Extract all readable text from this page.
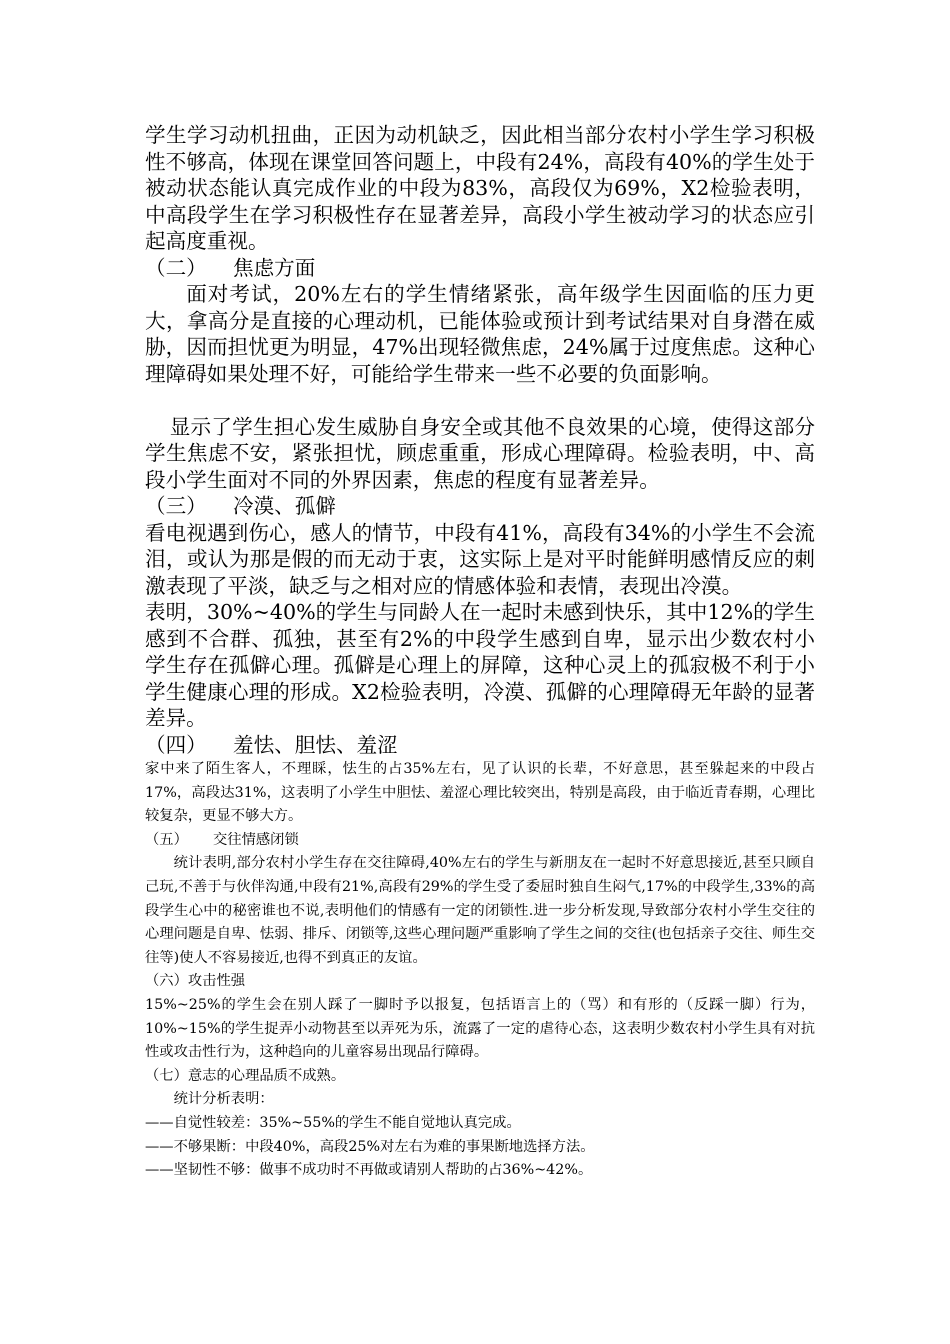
学生学习动机扭曲，正因为动机缺乏，因此相当部分农村小学生学习积极性不够高，体现在课堂回答问题上，中段有24%，高段有40%的学生处于被动状态能认真完成作业的中段为83%，高段仅为69%，X2检验表明，中高段学生在学习积极性存在显著差异，高段小学生被动学习的状态应引起高度重视。

（二） 焦虑方面

面对考试，20%左右的学生情绪紧张，高年级学生因面临的压力更大，拿高分是直接的心理动机，已能体验或预计到考试结果对自身潜在威胁，因而担忧更为明显，47%出现轻微焦虑，24%属于过度焦虑。这种心理障碍如果处理不好，可能给学生带来一些不必要的负面影响。

显示了学生担心发生威胁自身安全或其他不良效果的心境，使得这部分学生焦虑不安，紧张担忧，顾虑重重，形成心理障碍。检验表明，中、高段小学生面对不同的外界因素，焦虑的程度有显著差异。

（三） 冷漠、孤僻

看电视遇到伤心，感人的情节，中段有41%，高段有34%的小学生不会流泪，或认为那是假的而无动于衷，这实际上是对平时能鲜明感情反应的刺激表现了平淡，缺乏与之相对应的情感体验和表情，表现出冷漠。

表明，30%~40%的学生与同龄人在一起时未感到快乐，其中12%的学生感到不合群、孤独，甚至有2%的中段学生感到自卑，显示出少数农村小学生存在孤僻心理。孤僻是心理上的屏障，这种心灵上的孤寂极不利于小学生健康心理的形成。X2检验表明，冷漠、孤僻的心理障碍无年龄的显著差异。

（四） 羞怯、胆怯、羞涩

家中来了陌生客人，不理睬，怯生的占35%左右，见了认识的长辈，不好意思，甚至躲起来的中段占17%，高段达31%，这表明了小学生中胆怯、羞涩心理比较突出，特别是高段，由于临近青春期，心理比较复杂，更显不够大方。

（五） 交往情感闭锁

统计表明,部分农村小学生存在交往障碍,40%左右的学生与新朋友在一起时不好意思接近,甚至只顾自己玩,不善于与伙伴沟通,中段有21%,高段有29%的学生受了委屈时独自生闷气,17%的中段学生,33%的高段学生心中的秘密谁也不说,表明他们的情感有一定的闭锁性.进一步分析发现,导致部分农村小学生交往的心理问题是自卑、怯弱、排斥、闭锁等,这些心理问题严重影响了学生之间的交往(也包括亲子交往、师生交往等)使人不容易接近,也得不到真正的友谊。

（六）攻击性强

15%~25%的学生会在别人踩了一脚时予以报复，包括语言上的（骂）和有形的（反踩一脚）行为，10%~15%的学生捉弄小动物甚至以弄死为乐，流露了一定的虐待心态，这表明少数农村小学生具有对抗性或攻击性行为，这种趋向的儿童容易出现品行障碍。

（七）意志的心理品质不成熟。

统计分析表明：

——自觉性较差：35%~55%的学生不能自觉地认真完成。
——不够果断：中段40%，高段25%对左右为难的事果断地选择方法。
——坚韧性不够：做事不成功时不再做或请别人帮助的占36%~42%。
